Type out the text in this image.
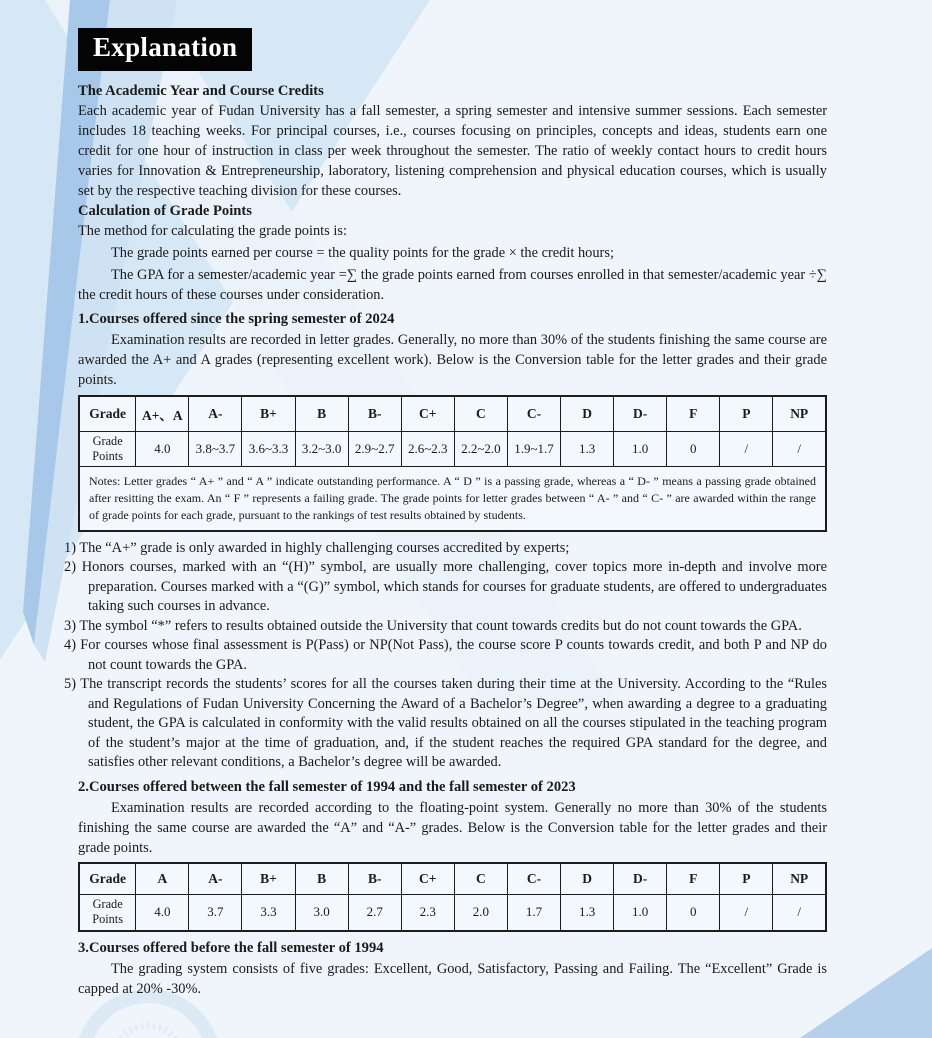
Explanation
The Academic Year and Course Credits

Each academic year of Fudan University has a fall semester, a spring semester and intensive summer sessions. Each semester includes 18 teaching weeks. For principal courses, i.e., courses focusing on principles, concepts and ideas, students earn one credit for one hour of instruction in class per week throughout the semester. The ratio of weekly contact hours to credit hours varies for Innovation & Entrepreneurship, laboratory, listening comprehension and physical education courses, which is usually set by the respective teaching division for these courses.

Calculation of Grade Points

The method for calculating the grade points is:

The grade points earned per course = the quality points for the grade × the credit hours;

The GPA for a semester/academic year =∑ the grade points earned from courses enrolled in that semester/academic year ÷∑ the credit hours of these courses under consideration.

1.Courses offered since the spring semester of 2024

Examination results are recorded in letter grades. Generally, no more than 30% of the students finishing the same course are awarded the A+ and A grades (representing excellent work). Below is the Conversion table for the letter grades and their grade points.

Grade	A+、A	A-	B+	B	B-	C+	C	C-	D	D-	F	P	NP
Grade Points	4.0	3.8~3.7	3.6~3.3	3.2~3.0	2.9~2.7	2.6~2.3	2.2~2.0	1.9~1.7	1.3	1.0	0	/	/
Notes: Letter grades “ A+ ” and “ A ” indicate outstanding performance. A “ D ” is a passing grade, whereas a “ D- ” means a passing grade obtained after resitting the exam. An “ F ” represents a failing grade. The grade points for letter grades between “ A- ” and “ C- ” are awarded within the range of grade points for each grade, pursuant to the rankings of test results obtained by students.													

1) The “A+” grade is only awarded in highly challenging courses accredited by experts;

2) Honors courses, marked with an “(H)” symbol, are usually more challenging, cover topics more in-depth and involve more preparation. Courses marked with a “(G)” symbol, which stands for courses for graduate students, are offered to undergraduates taking such courses in advance.

3) The symbol “*” refers to results obtained outside the University that count towards credits but do not count towards the GPA.

4) For courses whose final assessment is P(Pass) or NP(Not Pass), the course score P counts towards credit, and both P and NP do not count towards the GPA.

5) The transcript records the students’ scores for all the courses taken during their time at the University. According to the “Rules and Regulations of Fudan University Concerning the Award of a Bachelor’s Degree”, when awarding a degree to a graduating student, the GPA is calculated in conformity with the valid results obtained on all the courses stipulated in the teaching program of the student’s major at the time of graduation, and, if the student reaches the required GPA standard for the degree, and satisfies other relevant conditions, a Bachelor’s degree will be awarded.

2.Courses offered between the fall semester of 1994 and the fall semester of 2023

Examination results are recorded according to the floating-point system. Generally no more than 30% of the students finishing the same course are awarded the “A” and “A-” grades. Below is the Conversion table for the letter grades and their grade points.

Grade	A	A-	B+	B	B-	C+	C	C-	D	D-	F	P	NP
Grade Points	4.0	3.7	3.3	3.0	2.7	2.3	2.0	1.7	1.3	1.0	0	/	/
3.Courses offered before the fall semester of 1994

The grading system consists of five grades: Excellent, Good, Satisfactory, Passing and Failing. The “Excellent” Grade is capped at 20% -30%.
